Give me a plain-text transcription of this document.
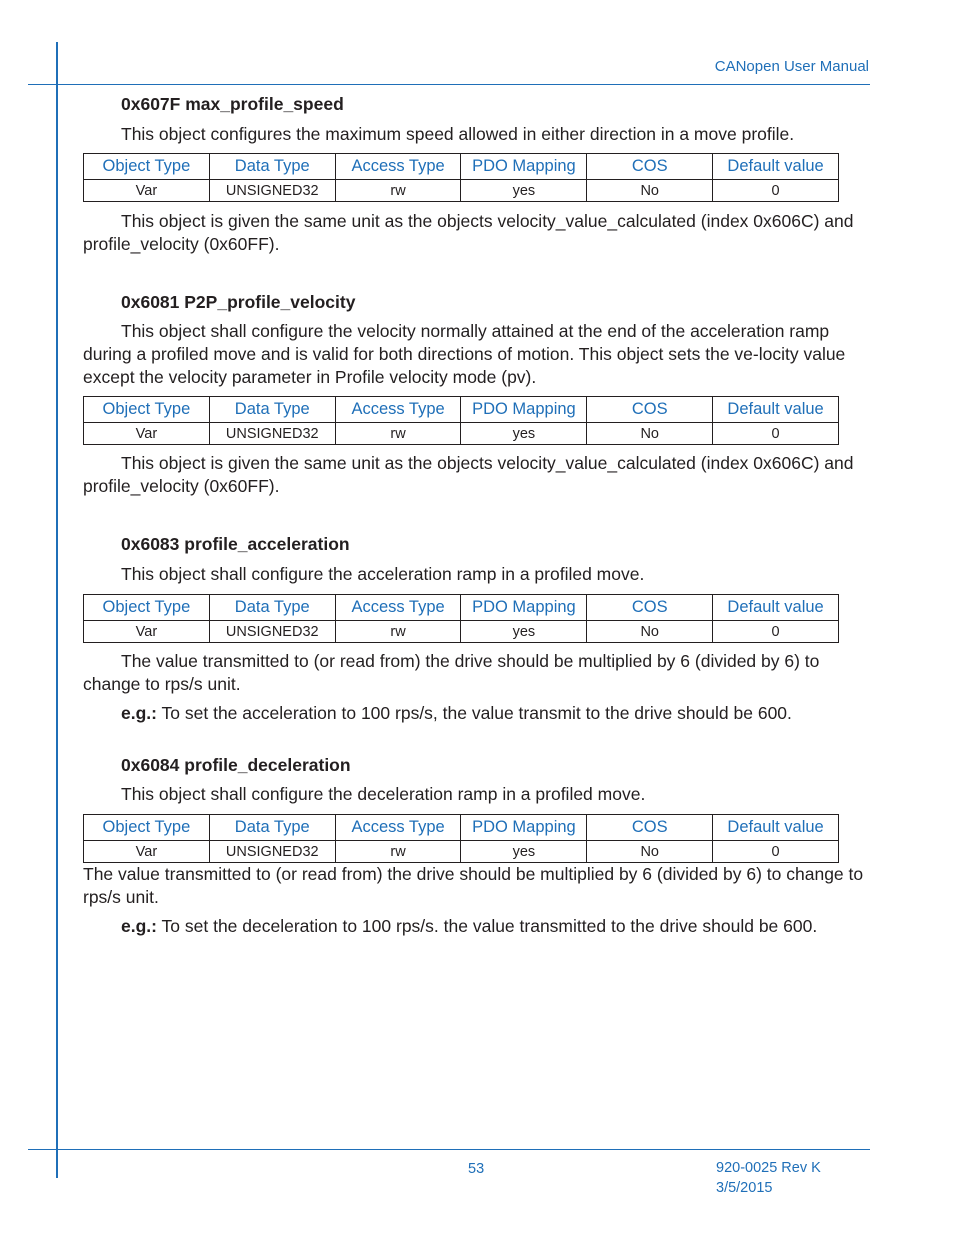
CANopen User Manual
0x607F max_profile_speed

This object configures the maximum speed allowed in either direction in a move profile.

Object Type	Data Type	Access Type	PDO Mapping	COS	Default value
Var	UNSIGNED32	rw	yes	No	0

This object is given the same unit as the objects velocity_value_calculated (index 0x606C) and profile_velocity (0x60FF).

0x6081 P2P_profile_velocity

This object shall configure the velocity normally attained at the end of the acceleration ramp during a profiled move and is valid for both directions of motion. This object sets the ve-locity value except the velocity parameter in Profile velocity mode (pv).

Object Type	Data Type	Access Type	PDO Mapping	COS	Default value
Var	UNSIGNED32	rw	yes	No	0

This object is given the same unit as the objects velocity_value_calculated (index 0x606C) and profile_velocity (0x60FF).

0x6083 profile_acceleration

This object shall configure the acceleration ramp in a profiled move.

Object Type	Data Type	Access Type	PDO Mapping	COS	Default value
Var	UNSIGNED32	rw	yes	No	0

The value transmitted to (or read from) the drive should be multiplied by 6 (divided by 6) to change to rps/s unit.

e.g.: To set the acceleration to 100 rps/s, the value transmit to the drive should be 600.

0x6084 profile_deceleration

This object shall configure the deceleration ramp in a profiled move.

Object Type	Data Type	Access Type	PDO Mapping	COS	Default value
Var	UNSIGNED32	rw	yes	No	0

The value transmitted to (or read from) the drive should be multiplied by 6 (divided by 6) to change to rps/s unit.

e.g.: To set the deceleration to 100 rps/s. the value transmitted to the drive should be 600.

53	920-0025 Rev K
3/5/2015
